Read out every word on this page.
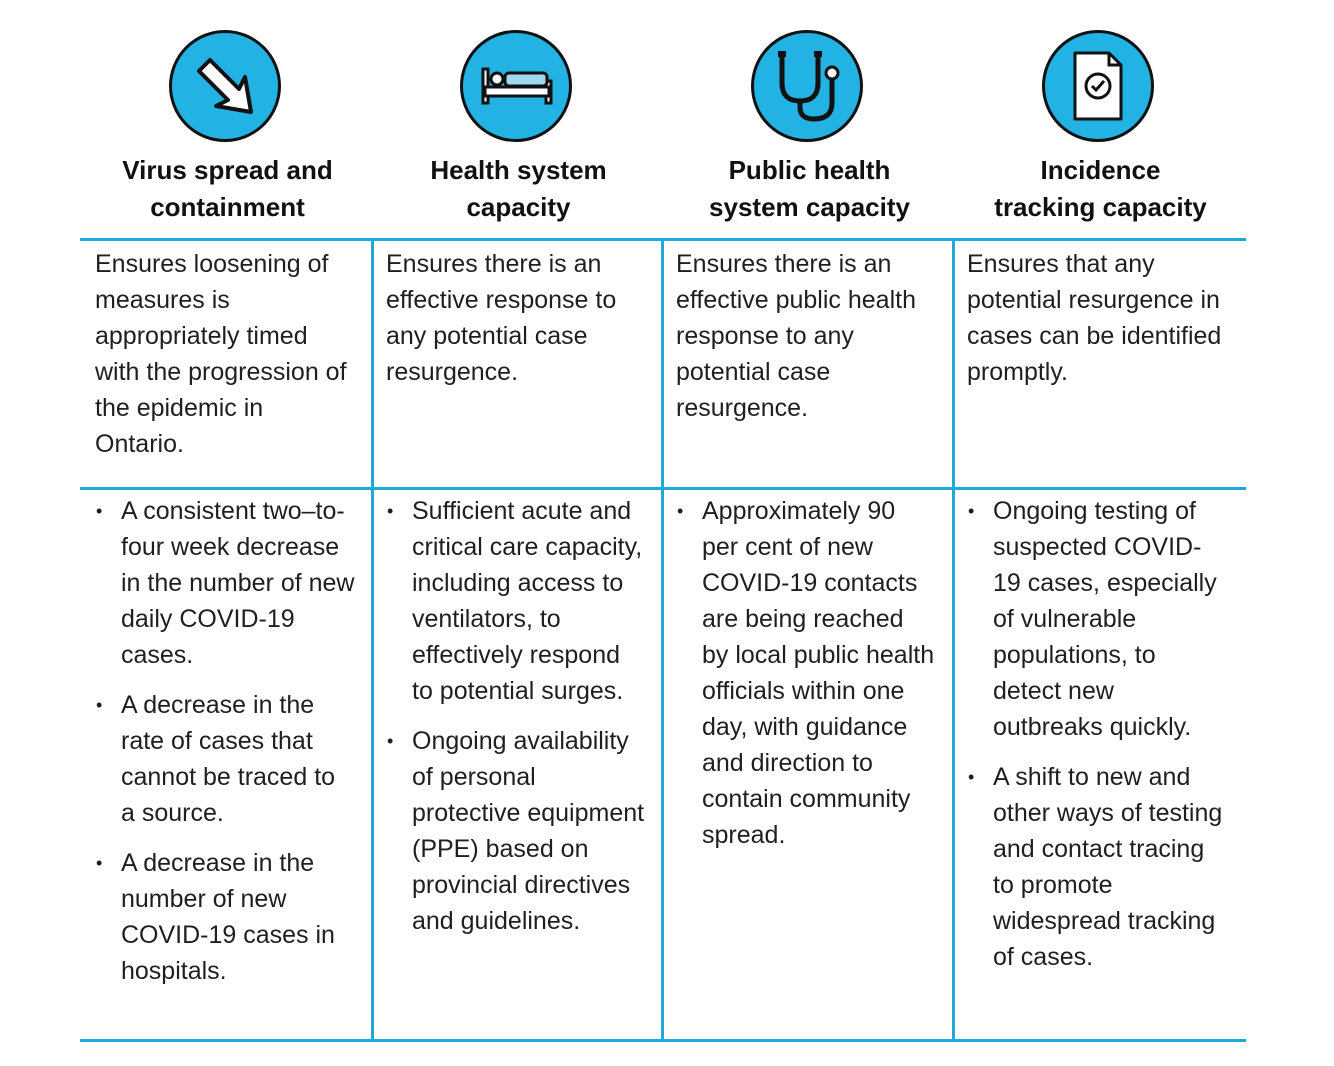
Virus spread and
containment
Health system
capacity
Public health
system capacity
Incidence
tracking capacity
Ensures loosening of measures is appropriately timed with the progression of the epidemic in Ontario.
Ensures there is an effective response to any potential case resurgence.
Ensures there is an effective public health response to any potential case resurgence.
Ensures that any potential resurgence in cases can be identified promptly.
• A consistent two–to-four week decrease in the number of new daily COVID-19 cases.
• A decrease in the rate of cases that cannot be traced to a source.
• A decrease in the number of new COVID-19 cases in hospitals.
• Sufficient acute and critical care capacity, including access to ventilators, to effectively respond to potential surges.
• Ongoing availability of personal protective equipment (PPE) based on provincial directives and guidelines.
• Approximately 90 per cent of new COVID-19 contacts are being reached by local public health officials within one day, with guidance and direction to contain community spread.
• Ongoing testing of suspected COVID-19 cases, especially of vulnerable populations, to detect new outbreaks quickly.
• A shift to new and other ways of testing and contact tracing to promote widespread tracking of cases.
